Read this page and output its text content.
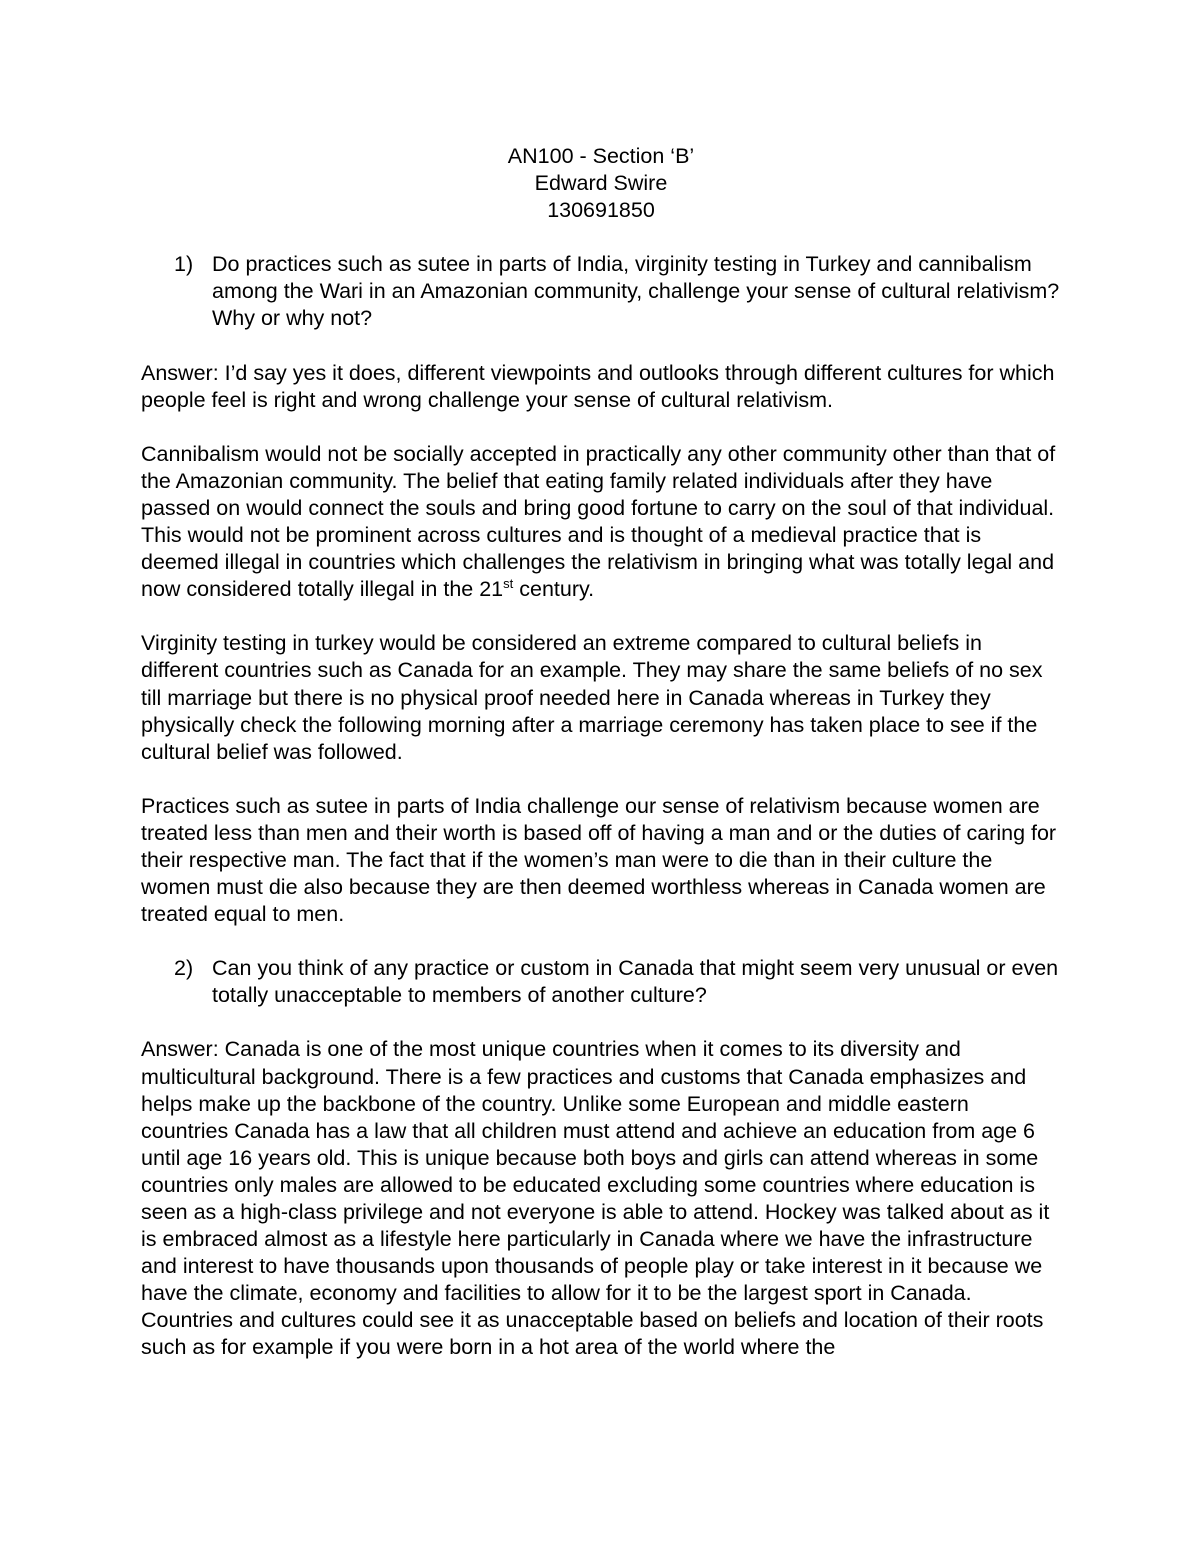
AN100 - Section ‘B’
Edward Swire
130691850
1) Do practices such as sutee in parts of India, virginity testing in Turkey and cannibalism among the Wari in an Amazonian community, challenge your sense of cultural relativism? Why or why not?

Answer: I’d say yes it does, different viewpoints and outlooks through different cultures for which people feel is right and wrong challenge your sense of cultural relativism.

Cannibalism would not be socially accepted in practically any other community other than that of the Amazonian community. The belief that eating family related individuals after they have passed on would connect the souls and bring good fortune to carry on the soul of that individual. This would not be prominent across cultures and is thought of a medieval practice that is deemed illegal in countries which challenges the relativism in bringing what was totally legal and now considered totally illegal in the 21st century.

Virginity testing in turkey would be considered an extreme compared to cultural beliefs in different countries such as Canada for an example. They may share the same beliefs of no sex till marriage but there is no physical proof needed here in Canada whereas in Turkey they physically check the following morning after a marriage ceremony has taken place to see if the cultural belief was followed.

Practices such as sutee in parts of India challenge our sense of relativism because women are treated less than men and their worth is based off of having a man and or the duties of caring for their respective man. The fact that if the women’s man were to die than in their culture the women must die also because they are then deemed worthless whereas in Canada women are treated equal to men.

2) Can you think of any practice or custom in Canada that might seem very unusual or even totally unacceptable to members of another culture?

Answer: Canada is one of the most unique countries when it comes to its diversity and multicultural background. There is a few practices and customs that Canada emphasizes and helps make up the backbone of the country. Unlike some European and middle eastern countries Canada has a law that all children must attend and achieve an education from age 6 until age 16 years old. This is unique because both boys and girls can attend whereas in some countries only males are allowed to be educated excluding some countries where education is seen as a high-class privilege and not everyone is able to attend. Hockey was talked about as it is embraced almost as a lifestyle here particularly in Canada where we have the infrastructure and interest to have thousands upon thousands of people play or take interest in it because we have the climate, economy and facilities to allow for it to be the largest sport in Canada. Countries and cultures could see it as unacceptable based on beliefs and location of their roots such as for example if you were born in a hot area of the world where the
